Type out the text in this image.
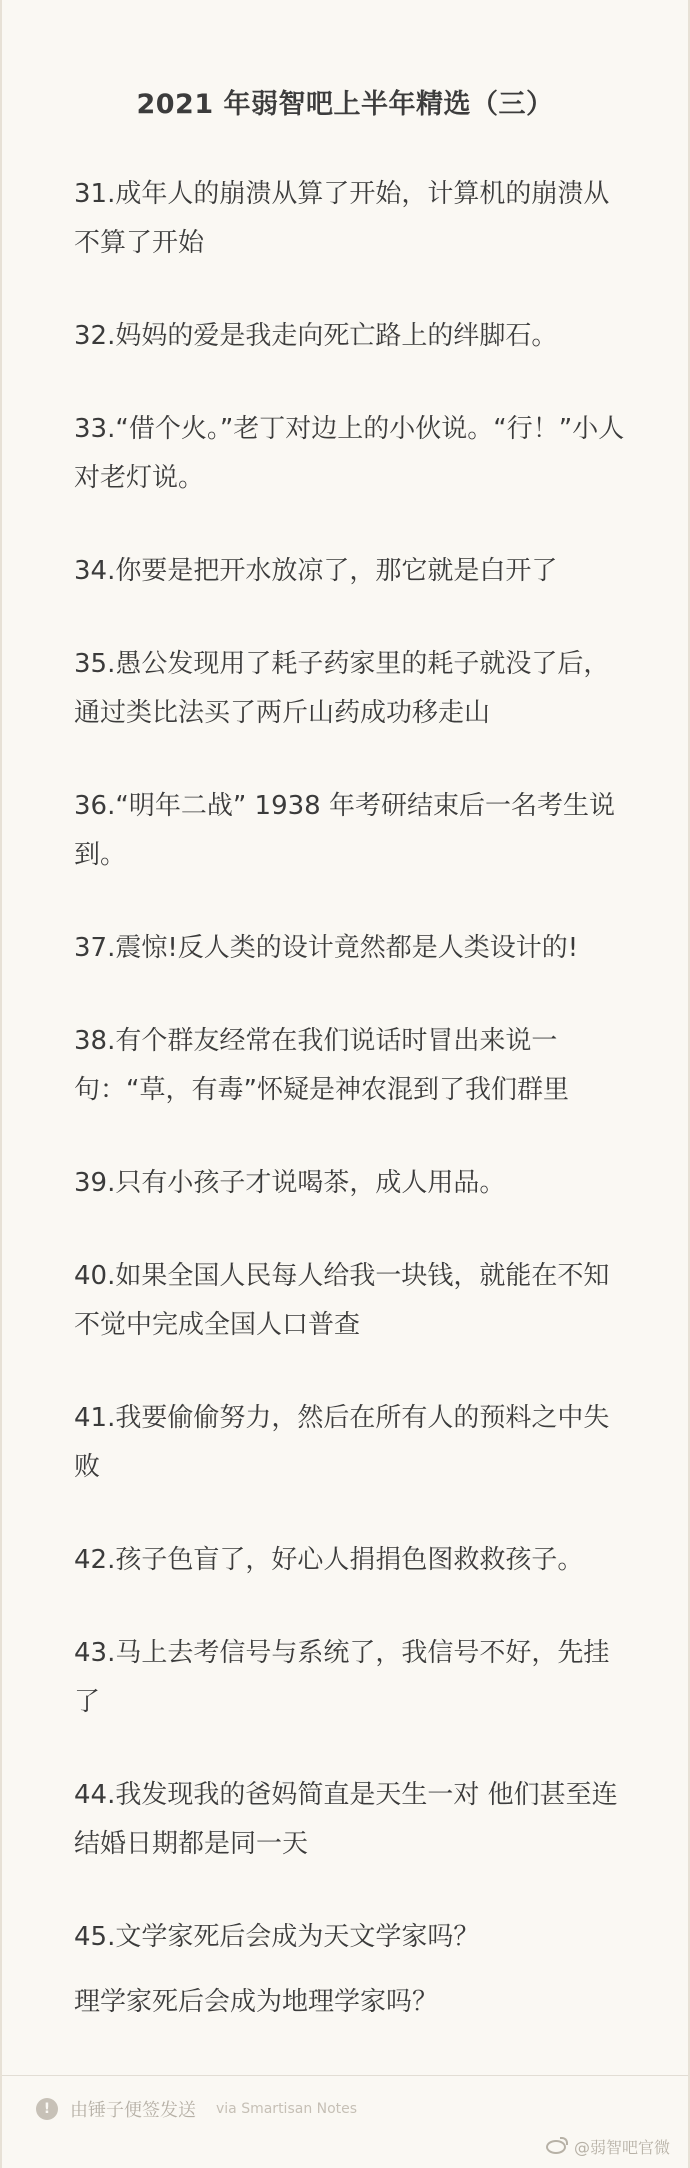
2021 年弱智吧上半年精选（三）
31.成年人的崩溃从算了开始，计算机的崩溃从不算了开始
32.妈妈的爱是我走向死亡路上的绊脚石。
33.“借个火。”老丁对边上的小伙说。“行！”小人对老灯说。
34.你要是把开水放凉了，那它就是白开了
35.愚公发现用了耗子药家里的耗子就没了后，通过类比法买了两斤山药成功移走山
36.“明年二战” 1938 年考研结束后一名考生说到。
37.震惊!反人类的设计竟然都是人类设计的!
38.有个群友经常在我们说话时冒出来说一句：“草，有毒”怀疑是神农混到了我们群里
39.只有小孩子才说喝茶，成人用品。
40.如果全国人民每人给我一块钱，就能在不知不觉中完成全国人口普查
41.我要偷偷努力，然后在所有人的预料之中失败
42.孩子色盲了，好心人捐捐色图救救孩子。
43.马上去考信号与系统了，我信号不好，先挂了
44.我发现我的爸妈简直是天生一对 他们甚至连结婚日期都是同一天
45.文学家死后会成为天文学家吗？
理学家死后会成为地理学家吗？
!	由锤子便签发送 via Smartisan Notes
@弱智吧官微
